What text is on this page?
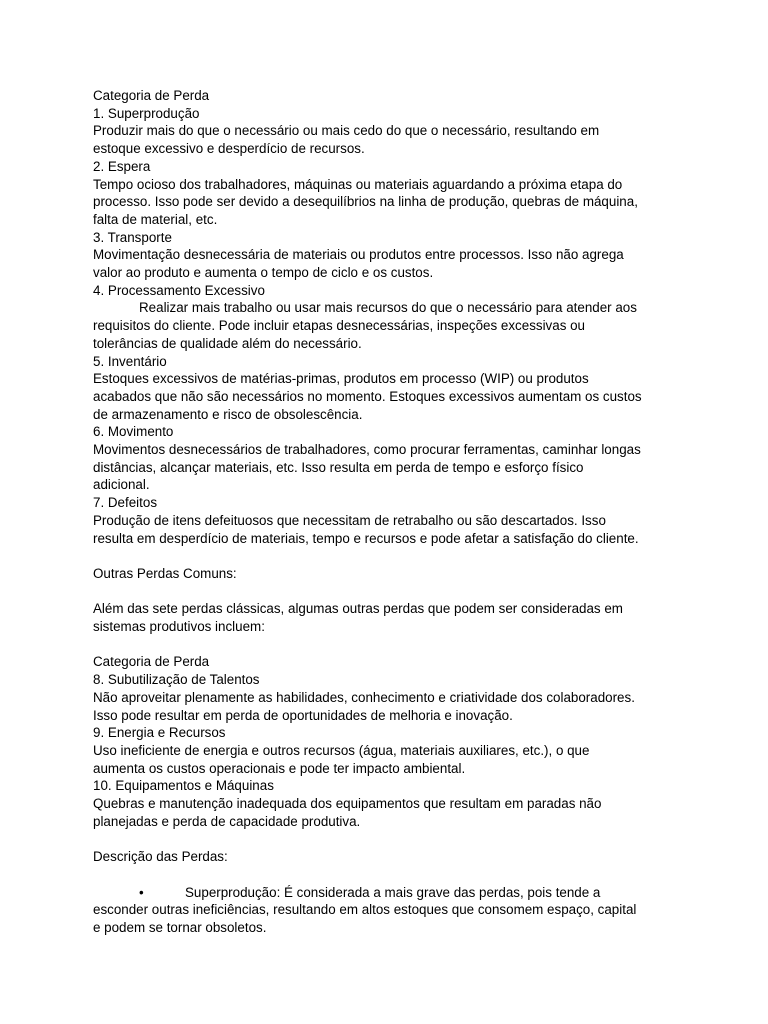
Categoria de Perda
1. Superprodução
Produzir mais do que o necessário ou mais cedo do que o necessário, resultando em
estoque excessivo e desperdício de recursos.
2. Espera
Tempo ocioso dos trabalhadores, máquinas ou materiais aguardando a próxima etapa do
processo. Isso pode ser devido a desequilíbrios na linha de produção, quebras de máquina,
falta de material, etc.
3. Transporte
Movimentação desnecessária de materiais ou produtos entre processos. Isso não agrega
valor ao produto e aumenta o tempo de ciclo e os custos.
4. Processamento Excessivo
Realizar mais trabalho ou usar mais recursos do que o necessário para atender aos
requisitos do cliente. Pode incluir etapas desnecessárias, inspeções excessivas ou
tolerâncias de qualidade além do necessário.
5. Inventário
Estoques excessivos de matérias-primas, produtos em processo (WIP) ou produtos
acabados que não são necessários no momento. Estoques excessivos aumentam os custos
de armazenamento e risco de obsolescência.
6. Movimento
Movimentos desnecessários de trabalhadores, como procurar ferramentas, caminhar longas
distâncias, alcançar materiais, etc. Isso resulta em perda de tempo e esforço físico
adicional.
7. Defeitos
Produção de itens defeituosos que necessitam de retrabalho ou são descartados. Isso
resulta em desperdício de materiais, tempo e recursos e pode afetar a satisfação do cliente.
Outras Perdas Comuns:
Além das sete perdas clássicas, algumas outras perdas que podem ser consideradas em
sistemas produtivos incluem:
Categoria de Perda
8. Subutilização de Talentos
Não aproveitar plenamente as habilidades, conhecimento e criatividade dos colaboradores.
Isso pode resultar em perda de oportunidades de melhoria e inovação.
9. Energia e Recursos
Uso ineficiente de energia e outros recursos (água, materiais auxiliares, etc.), o que
aumenta os custos operacionais e pode ter impacto ambiental.
10. Equipamentos e Máquinas
Quebras e manutenção inadequada dos equipamentos que resultam em paradas não
planejadas e perda de capacidade produtiva.
Descrição das Perdas:
•	Superprodução: É considerada a mais grave das perdas, pois tende a
esconder outras ineficiências, resultando em altos estoques que consomem espaço, capital
e podem se tornar obsoletos.
